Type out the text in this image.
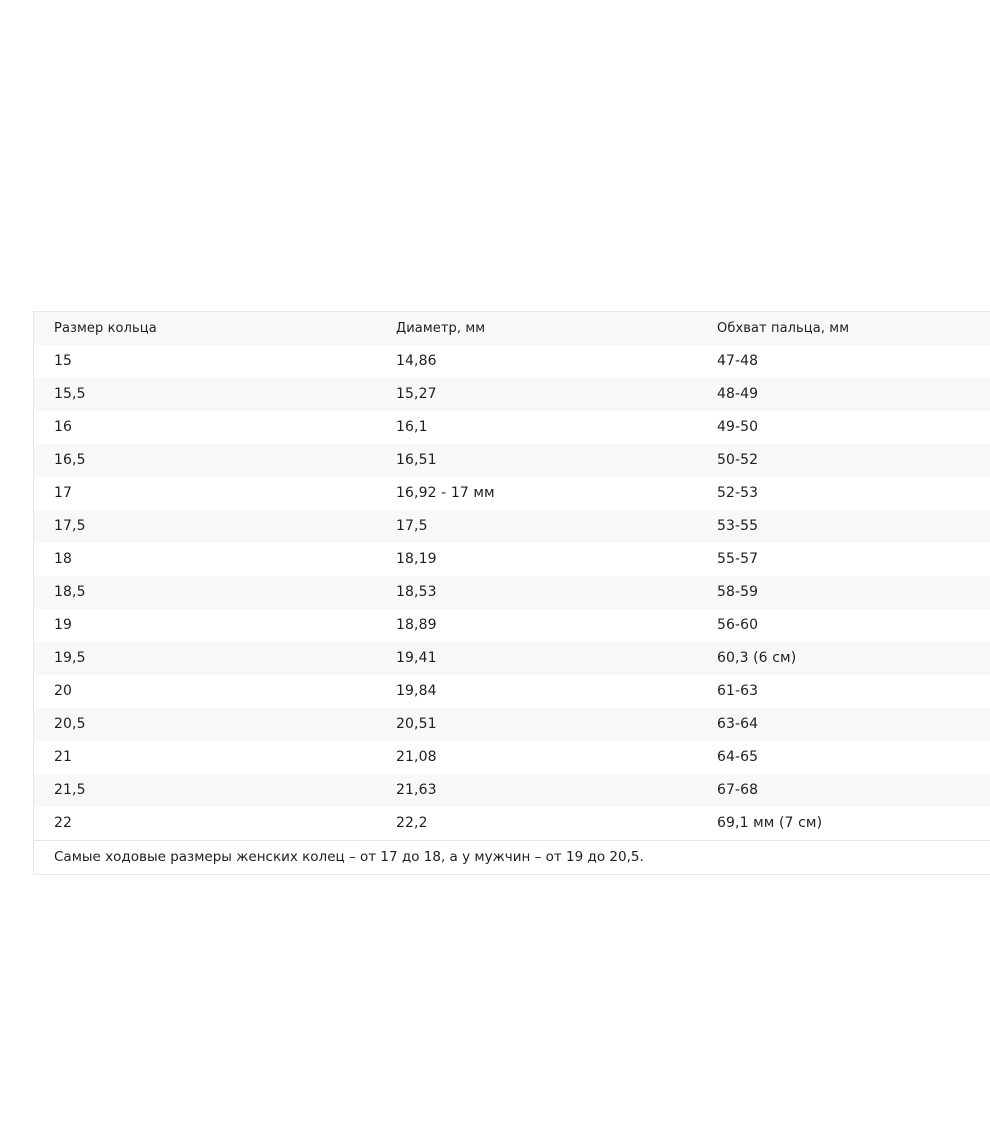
Размер кольца	Диаметр, мм	Обхват пальца, мм
15	14,86	47-48
15,5	15,27	48-49
16	16,1	49-50
16,5	16,51	50-52
17	16,92 - 17 мм	52-53
17,5	17,5	53-55
18	18,19	55-57
18,5	18,53	58-59
19	18,89	56-60
19,5	19,41	60,3 (6 см)
20	19,84	61-63
20,5	20,51	63-64
21	21,08	64-65
21,5	21,63	67-68
22	22,2	69,1 мм (7 см)
Самые ходовые размеры женских колец – от 17 до 18, а у мужчин – от 19 до 20,5.
